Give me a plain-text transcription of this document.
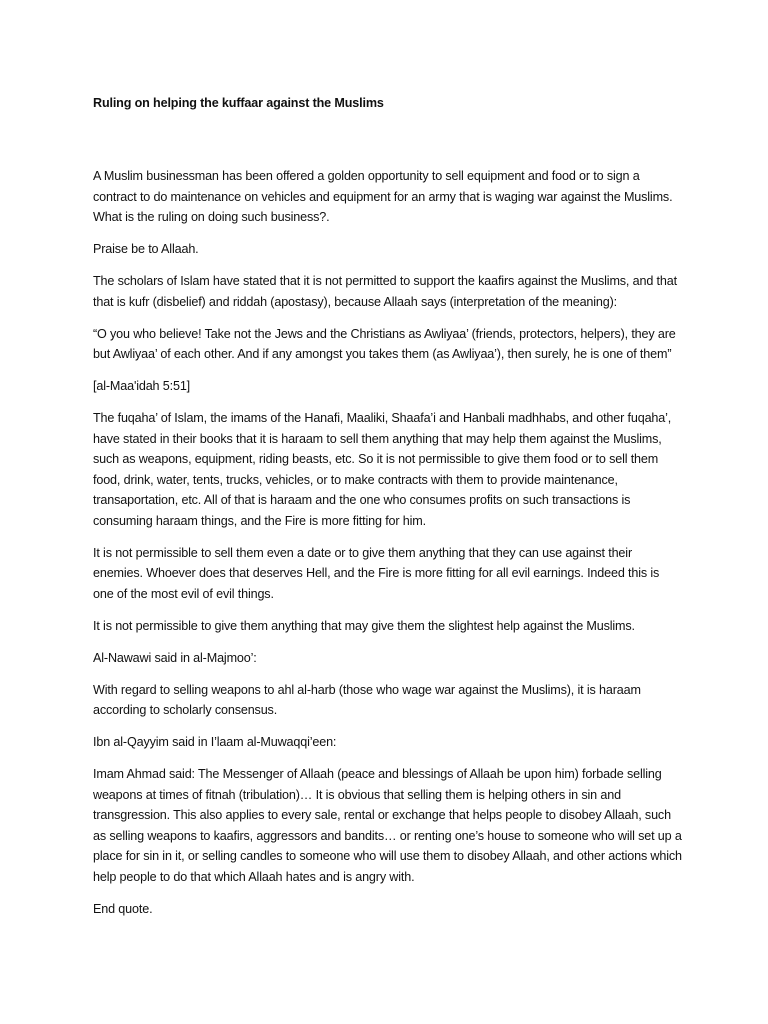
Ruling on helping the kuffaar against the Muslims

A Muslim businessman has been offered a golden opportunity to sell equipment and food or to sign a contract to do maintenance on vehicles and equipment for an army that is waging war against the Muslims. What is the ruling on doing such business?.

Praise be to Allaah.

The scholars of Islam have stated that it is not permitted to support the kaafirs against the Muslims, and that that is kufr (disbelief) and riddah (apostasy), because Allaah says (interpretation of the meaning):

“O you who believe! Take not the Jews and the Christians as Awliyaa’ (friends, protectors, helpers), they are but Awliyaa’ of each other. And if any amongst you takes them (as Awliyaa’), then surely, he is one of them”

[al-Maa'idah 5:51]

The fuqaha’ of Islam, the imams of the Hanafi, Maaliki, Shaafa’i and Hanbali madhhabs, and other fuqaha’, have stated in their books that it is haraam to sell them anything that may help them against the Muslims, such as weapons, equipment, riding beasts, etc. So it is not permissible to give them food or to sell them food, drink, water, tents, trucks, vehicles, or to make contracts with them to provide maintenance, transaportation, etc. All of that is haraam and the one who consumes profits on such transactions is consuming haraam things, and the Fire is more fitting for him.

It is not permissible to sell them even a date or to give them anything that they can use against their enemies. Whoever does that deserves Hell, and the Fire is more fitting for all evil earnings. Indeed this is one of the most evil of evil things.

It is not permissible to give them anything that may give them the slightest help against the Muslims.

Al-Nawawi said in al-Majmoo’:

With regard to selling weapons to ahl al-harb (those who wage war against the Muslims), it is haraam according to scholarly consensus.

Ibn al-Qayyim said in I’laam al-Muwaqqi’een:

Imam Ahmad said: The Messenger of Allaah (peace and blessings of Allaah be upon him) forbade selling weapons at times of fitnah (tribulation)… It is obvious that selling them is helping others in sin and transgression. This also applies to every sale, rental or exchange that helps people to disobey Allaah, such as selling weapons to kaafirs, aggressors and bandits… or renting one’s house to someone who will set up a place for sin in it, or selling candles to someone who will use them to disobey Allaah, and other actions which help people to do that which Allaah hates and is angry with.

End quote.
